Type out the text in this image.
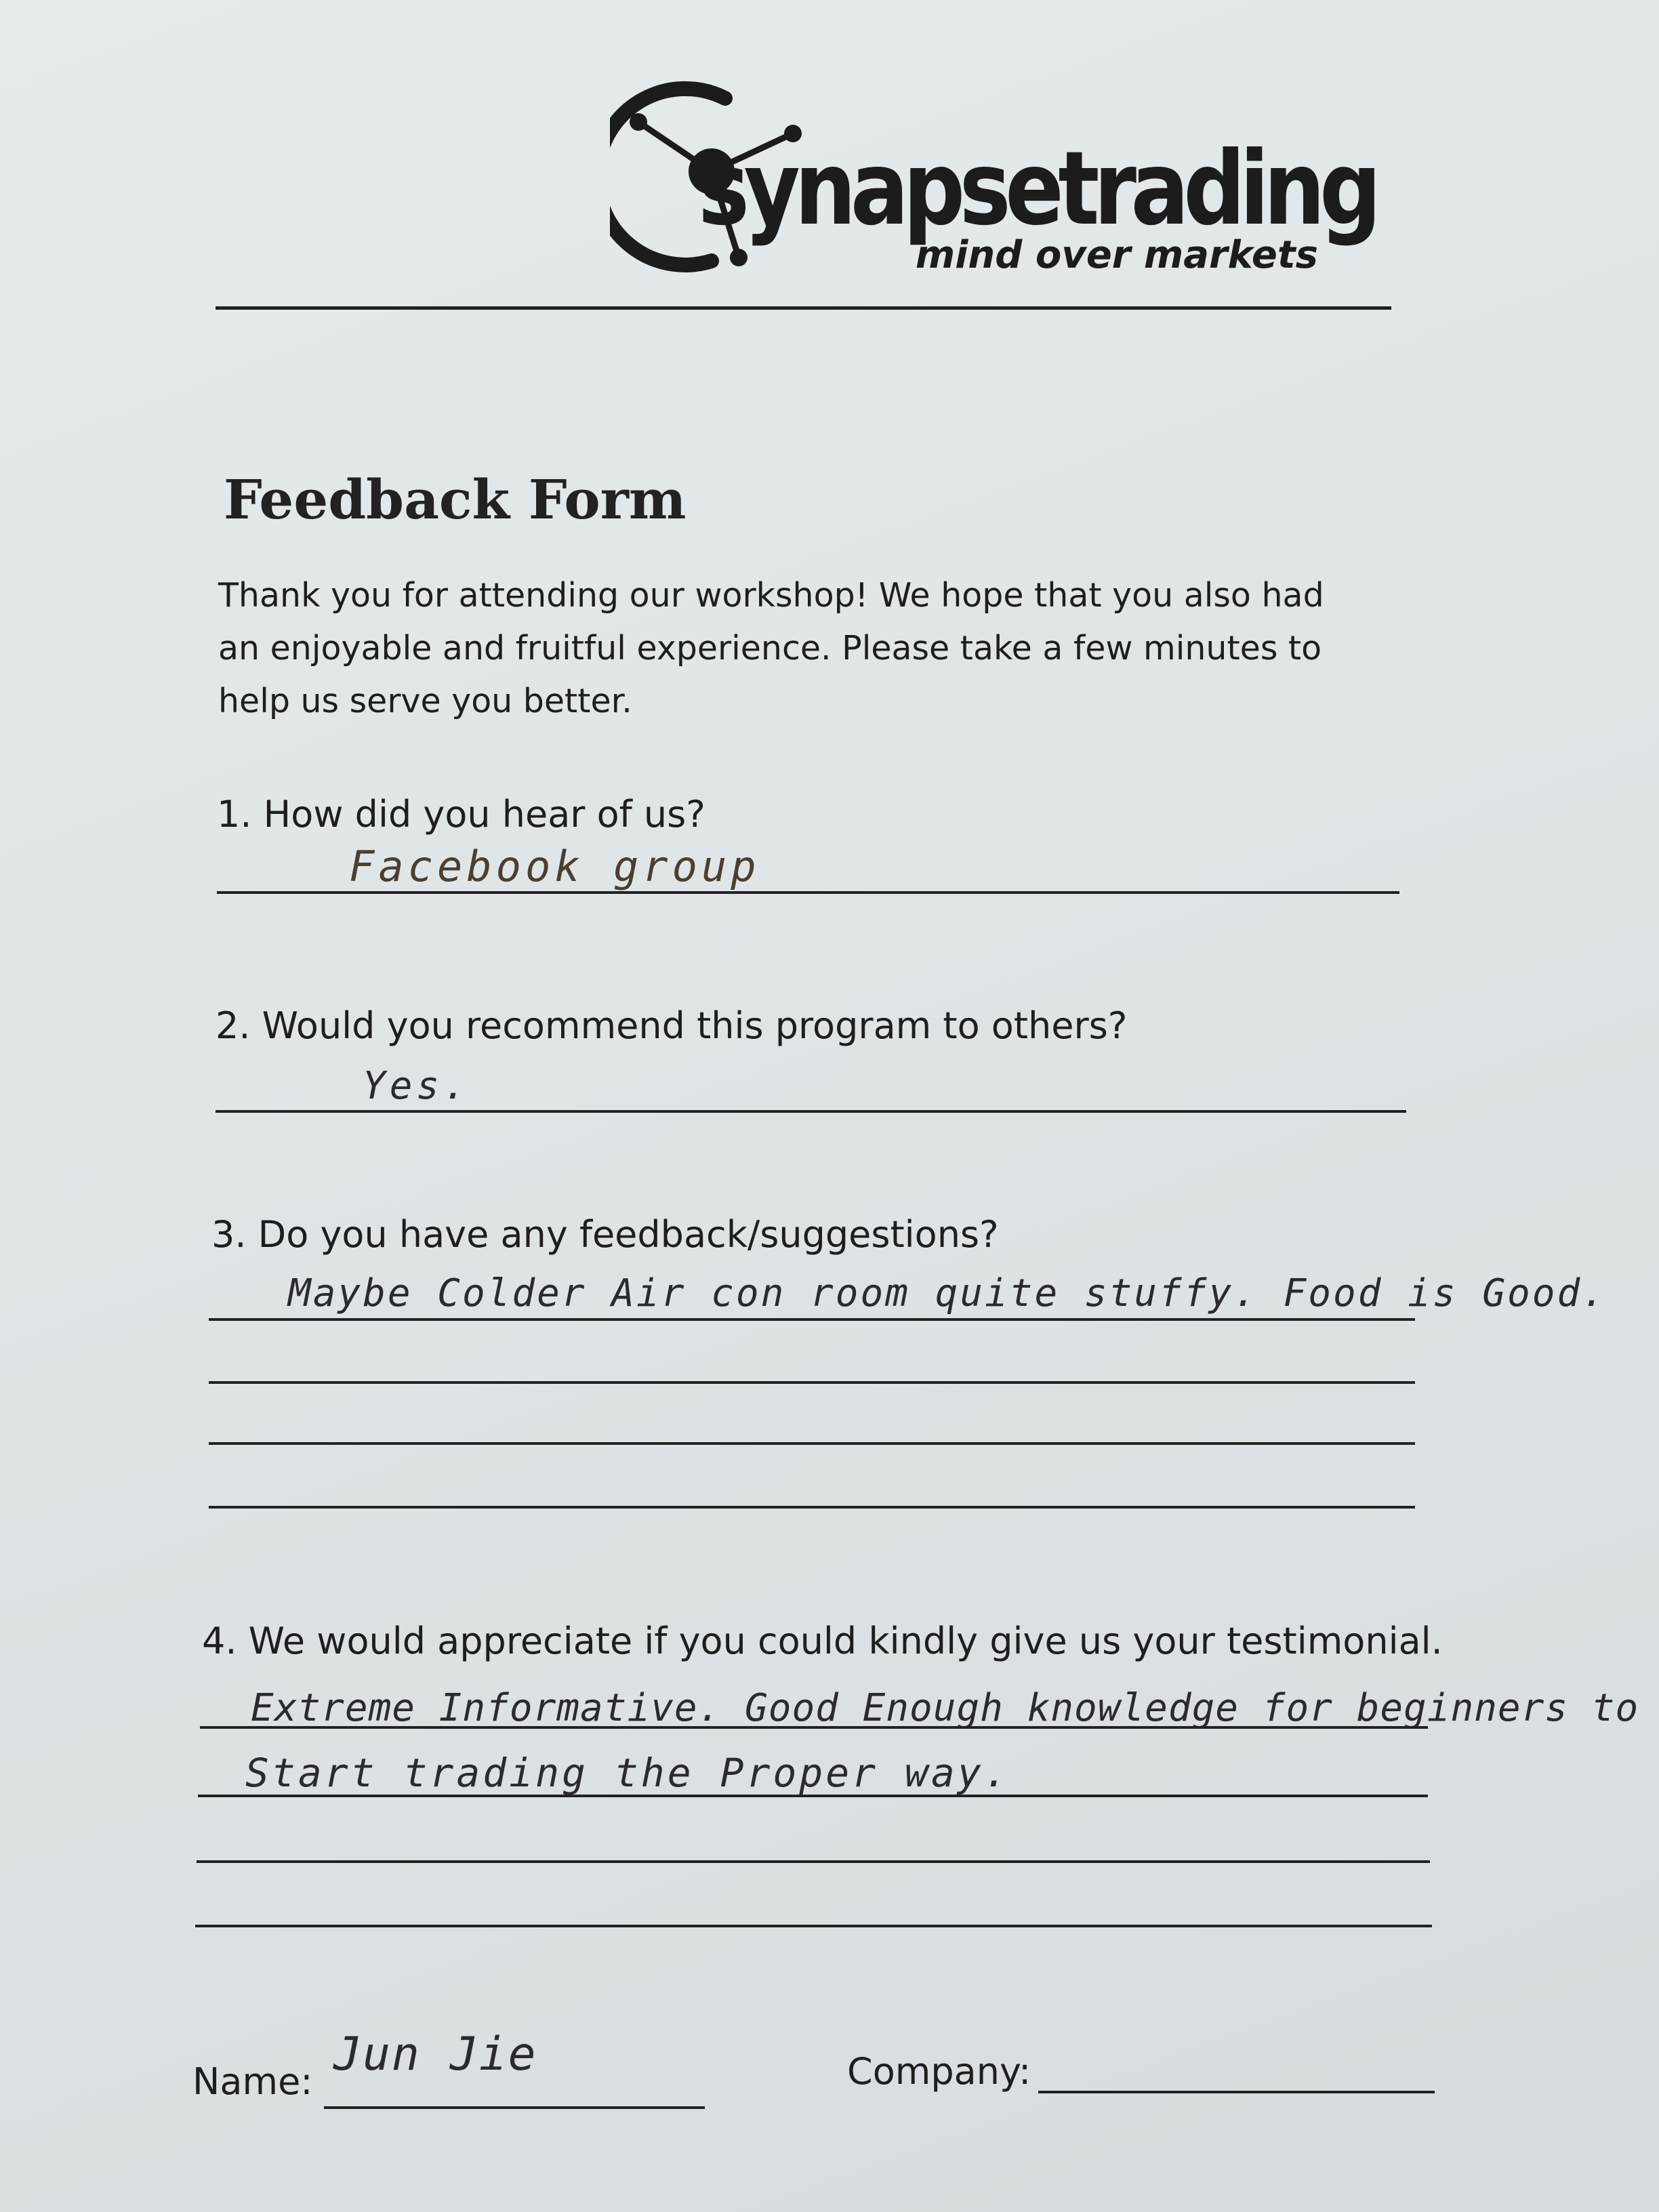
synapsetrading
mind over markets
Feedback Form
Thank you for attending our workshop! We hope that you also had
an enjoyable and fruitful experience. Please take a few minutes to
help us serve you better.
1. How did you hear of us?
Facebook group
2. Would you recommend this program to others?
Yes.
3. Do you have any feedback/suggestions?
Maybe Colder Air con room quite stuffy. Food is Good.
4. We would appreciate if you could kindly give us your testimonial.
Extreme Informative. Good Enough knowledge for beginners to
Start trading the Proper way.
Name:
Jun Jie	Company:
